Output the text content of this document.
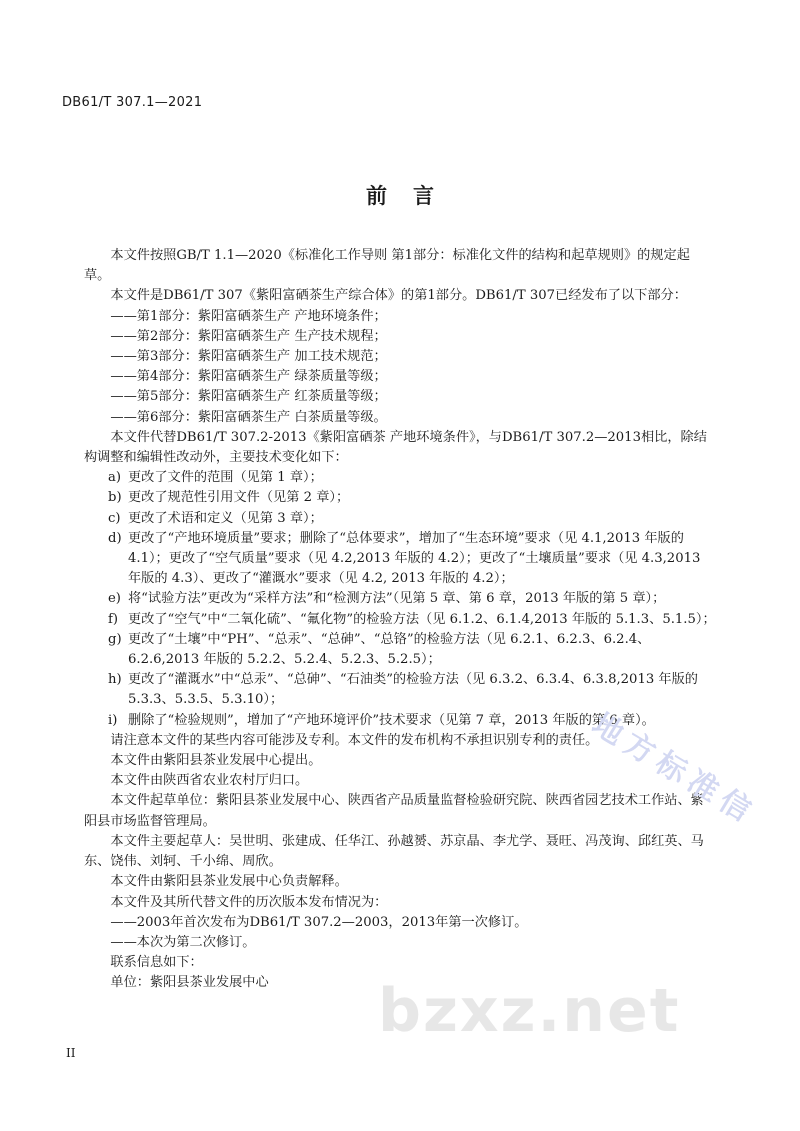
DB61/T 307.1—2021
前言

本文件按照GB/T 1.1—2020《标准化工作导则 第1部分：标准化文件的结构和起草规则》的规定起草。

本文件是DB61/T 307《紫阳富硒茶生产综合体》的第1部分。DB61/T 307已经发布了以下部分：

——第1部分：紫阳富硒茶生产 产地环境条件；

——第2部分：紫阳富硒茶生产 生产技术规程；

——第3部分：紫阳富硒茶生产 加工技术规范；

——第4部分：紫阳富硒茶生产 绿茶质量等级；

——第5部分：紫阳富硒茶生产 红茶质量等级；

——第6部分：紫阳富硒茶生产 白茶质量等级。

本文件代替DB61/T 307.2-2013《紫阳富硒茶 产地环境条件》，与DB61/T 307.2—2013相比，除结构调整和编辑性改动外，主要技术变化如下：

a) 更改了文件的范围（见第 1 章）；
b) 更改了规范性引用文件（见第 2 章）；
c) 更改了术语和定义（见第 3 章）；
d) 更改了“产地环境质量”要求；删除了“总体要求”，增加了“生态环境”要求（见 4.1,2013 年版的 4.1）；更改了“空气质量”要求（见 4.2,2013 年版的 4.2）；更改了“土壤质量”要求（见 4.3,2013 年版的 4.3）、更改了“灌溉水”要求（见 4.2, 2013 年版的 4.2）；
e) 将“试验方法”更改为“采样方法”和“检测方法”（见第 5 章、第 6 章，2013 年版的第 5 章）；
f) 更改了“空气”中“二氧化硫”、“氟化物”的检验方法（见 6.1.2、6.1.4,2013 年版的 5.1.3、5.1.5）；
g) 更改了“土壤”中“PH”、“总汞”、“总砷”、“总铬”的检验方法（见 6.2.1、6.2.3、6.2.4、6.2.6,2013 年版的 5.2.2、5.2.4、5.2.3、5.2.5）；
h) 更改了“灌溉水”中“总汞”、“总砷”、“石油类”的检验方法（见 6.3.2、6.3.4、6.3.8,2013 年版的 5.3.3、5.3.5、5.3.10）；
i) 删除了“检验规则”，增加了“产地环境评价”技术要求（见第 7 章，2013 年版的第 6 章）。

请注意本文件的某些内容可能涉及专利。本文件的发布机构不承担识别专利的责任。

本文件由紫阳县茶业发展中心提出。

本文件由陕西省农业农村厅归口。

本文件起草单位：紫阳县茶业发展中心、陕西省产品质量监督检验研究院、陕西省园艺技术工作站、紫阳县市场监督管理局。

本文件主要起草人：吴世明、张建成、任华江、孙越赟、苏京晶、李尤学、聂旺、冯茂询、邱红英、马东、饶伟、刘轲、千小绵、周欣。

本文件由紫阳县茶业发展中心负责解释。

本文件及其所代替文件的历次版本发布情况为：

——2003年首次发布为DB61/T 307.2—2003，2013年第一次修订。

——本次为第二次修订。

联系信息如下：

单位：紫阳县茶业发展中心

地方标准信
bzxz.net
II
